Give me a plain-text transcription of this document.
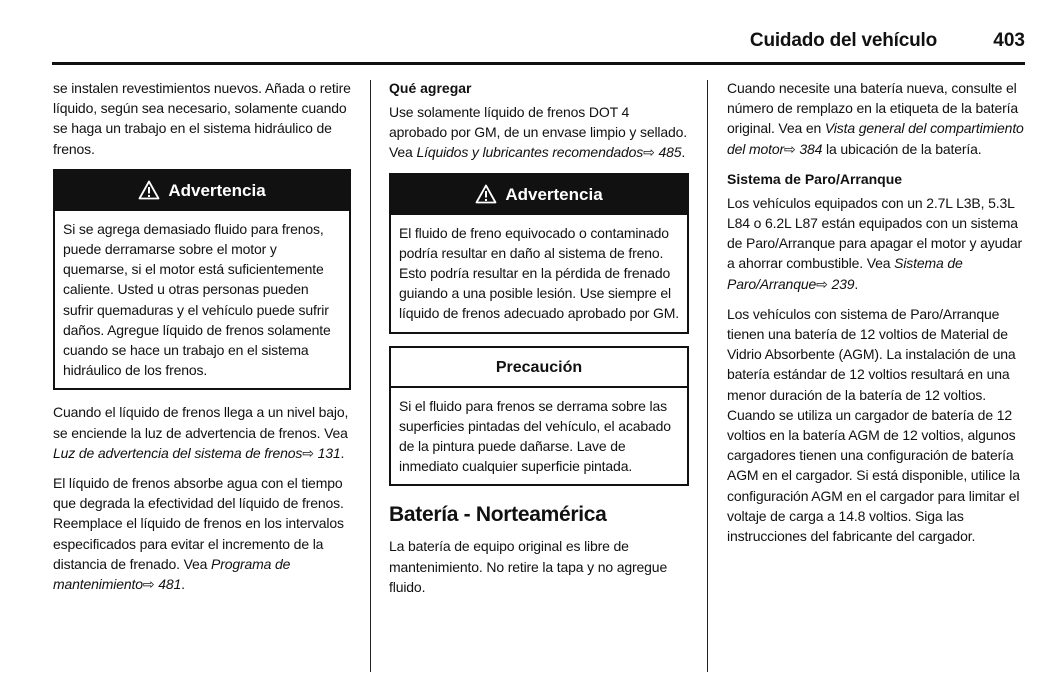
Cuidado del vehículo	403

se instalen revestimientos nuevos. Añada o retire líquido, según sea necesario, solamente cuando se haga un trabajo en el sistema hidráulico de frenos.

Advertencia
Si se agrega demasiado fluido para frenos, puede derramarse sobre el motor y quemarse, si el motor está suficientemente caliente. Usted u otras personas pueden sufrir quemaduras y el vehículo puede sufrir daños. Agregue líquido de frenos solamente cuando se hace un trabajo en el sistema hidráulico de los frenos.

Cuando el líquido de frenos llega a un nivel bajo, se enciende la luz de advertencia de frenos. Vea Luz de advertencia del sistema de frenos⇨ 131.

El líquido de frenos absorbe agua con el tiempo que degrada la efectividad del líquido de frenos. Reemplace el líquido de frenos en los intervalos especificados para evitar el incremento de la distancia de frenado. Vea Programa de mantenimiento⇨ 481.

Qué agregar

Use solamente líquido de frenos DOT 4 aprobado por GM, de un envase limpio y sellado. Vea Líquidos y lubricantes recomendados⇨ 485.

Advertencia
El fluido de freno equivocado o contaminado podría resultar en daño al sistema de freno. Esto podría resultar en la pérdida de frenado guiando a una posible lesión. Use siempre el líquido de frenos adecuado aprobado por GM.
Precaución
Si el fluido para frenos se derrama sobre las superficies pintadas del vehículo, el acabado de la pintura puede dañarse. Lave de inmediato cualquier superficie pintada.
Batería - Norteamérica

La batería de equipo original es libre de mantenimiento. No retire la tapa y no agregue fluido.

Cuando necesite una batería nueva, consulte el número de remplazo en la etiqueta de la batería original. Vea en Vista general del compartimiento del motor⇨ 384 la ubicación de la batería.

Sistema de Paro/Arranque

Los vehículos equipados con un 2.7L L3B, 5.3L L84 o 6.2L L87 están equipados con un sistema de Paro/Arranque para apagar el motor y ayudar a ahorrar combustible. Vea Sistema de Paro/Arranque⇨ 239.

Los vehículos con sistema de Paro/Arranque tienen una batería de 12 voltios de Material de Vidrio Absorbente (AGM). La instalación de una batería estándar de 12 voltios resultará en una menor duración de la batería de 12 voltios. Cuando se utiliza un cargador de batería de 12 voltios en la batería AGM de 12 voltios, algunos cargadores tienen una configuración de batería AGM en el cargador. Si está disponible, utilice la configuración AGM en el cargador para limitar el voltaje de carga a 14.8 voltios. Siga las instrucciones del fabricante del cargador.
